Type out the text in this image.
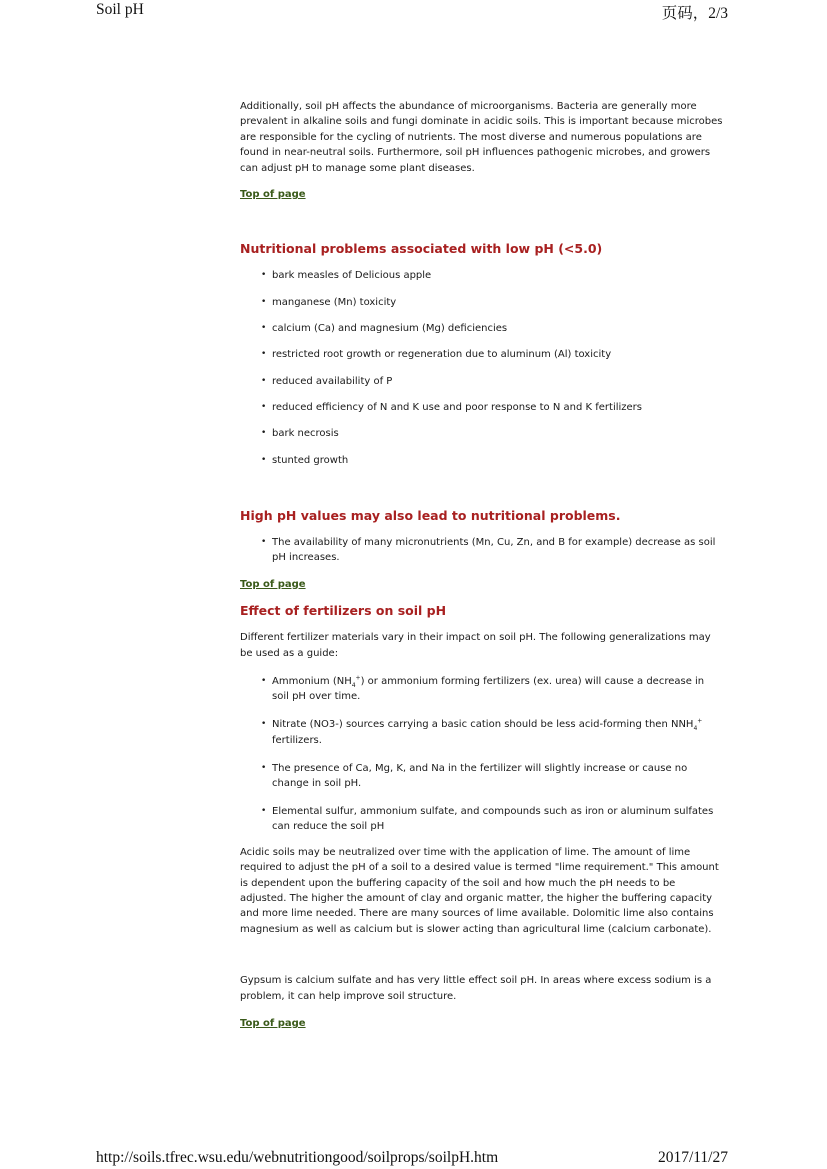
Soil pH	页码，2/3

Additionally, soil pH affects the abundance of microorganisms. Bacteria are generally more prevalent in alkaline soils and fungi dominate in acidic soils. This is important because microbes are responsible for the cycling of nutrients. The most diverse and numerous populations are found in near-neutral soils. Furthermore, soil pH influences pathogenic microbes, and growers can adjust pH to manage some plant diseases.

Top of page
Nutritional problems associated with low pH (<5.0)
• bark measles of Delicious apple
• manganese (Mn) toxicity
• calcium (Ca) and magnesium (Mg) deficiencies
• restricted root growth or regeneration due to aluminum (Al) toxicity
• reduced availability of P
• reduced efficiency of N and K use and poor response to N and K fertilizers
• bark necrosis
• stunted growth
High pH values may also lead to nutritional problems.
• The availability of many micronutrients (Mn, Cu, Zn, and B for example) decrease as soil pH increases.
Top of page
Effect of fertilizers on soil pH

Different fertilizer materials vary in their impact on soil pH. The following generalizations may be used as a guide:

• Ammonium $(NH_4^+)$ or ammonium forming fertilizers (ex. urea) will cause a decrease in soil pH over time.
• Nitrate (NO3-) sources carrying a basic cation should be less acid-forming then $NNH_4^+$ fertilizers.
• The presence of Ca, Mg, K, and Na in the fertilizer will slightly increase or cause no change in soil pH.
• Elemental sulfur, ammonium sulfate, and compounds such as iron or aluminum sulfates can reduce the soil pH

Acidic soils may be neutralized over time with the application of lime. The amount of lime required to adjust the pH of a soil to a desired value is termed "lime requirement." This amount is dependent upon the buffering capacity of the soil and how much the pH needs to be adjusted. The higher the amount of clay and organic matter, the higher the buffering capacity and more lime needed. There are many sources of lime available. Dolomitic lime also contains magnesium as well as calcium but is slower acting than agricultural lime (calcium carbonate).

Gypsum is calcium sulfate and has very little effect soil pH. In areas where excess sodium is a problem, it can help improve soil structure.

Top of page
http://soils.tfrec.wsu.edu/webnutritiongood/soilprops/soilpH.htm	2017/11/27
